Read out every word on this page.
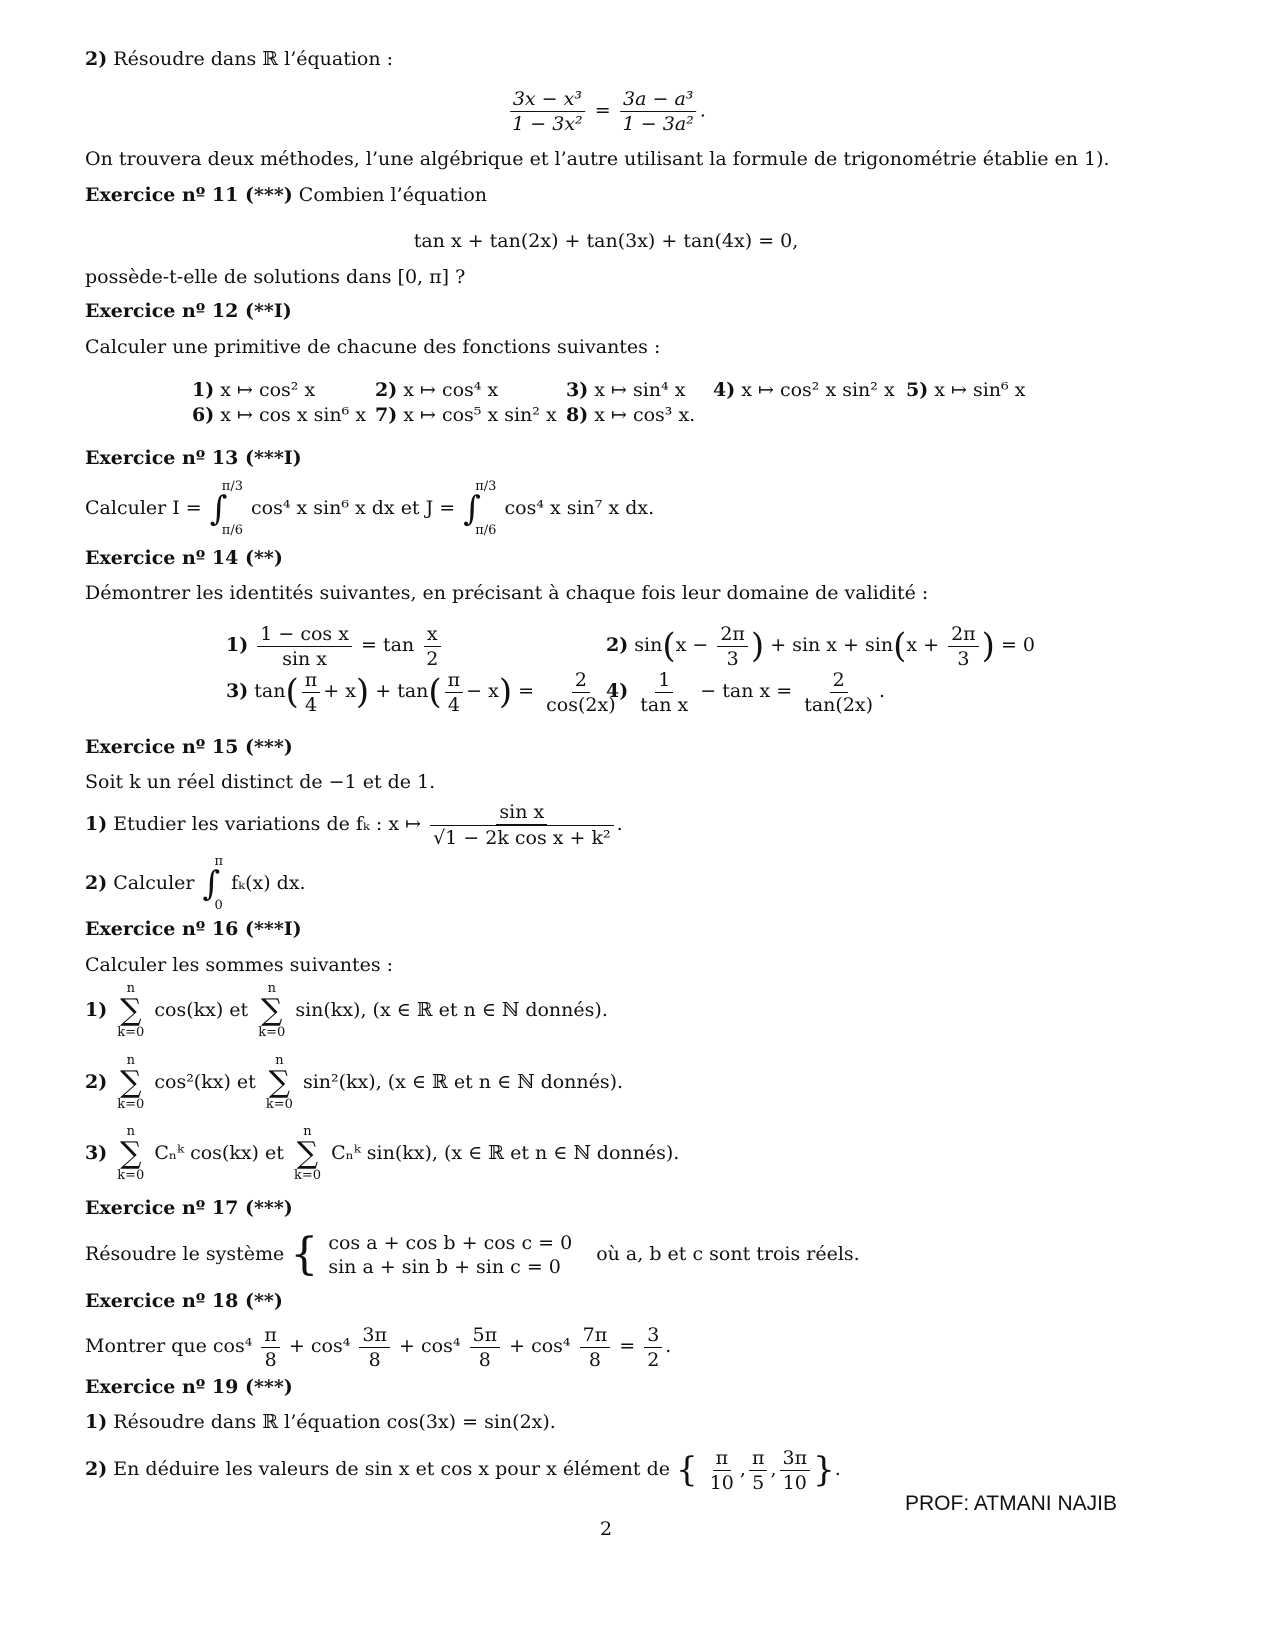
2) Résoudre dans ℝ l’équation :
$\frac{\text{3x − x³}}{\text{1 − 3x²}} = \frac{\text{3a − a³}}{\text{1 − 3a²}}$ .
On trouvera deux méthodes, l’une algébrique et l’autre utilisant la formule de trigonométrie établie en 1).
Exercice nº 11 (***) Combien l’équation
tan x + tan(2x) + tan(3x) + tan(4x) = 0,
possède-t-elle de solutions dans [0, π] ?
Exercice nº 12 (**I)
Calculer une primitive de chacune des fonctions suivantes :
1) x ↦ cos² x	2) x ↦ cos⁴ x	3) x ↦ sin⁴ x 4) x ↦ cos² x sin² x 5) x ↦ sin⁶ x
6) x ↦ cos x sin⁶ x 7) x ↦ cos⁵ x sin² x 8) x ↦ cos³ x.
Exercice nº 13 (***I)
Calculer I =
π/3
∫
π/6
cos⁴ x sin⁶ x dx et J =
π/3
∫
π/6
cos⁴ x sin⁷ x dx.
Exercice nº 14 (**)
Démontrer les identités suivantes, en précisant à chaque fois leur domaine de validité :
$1) \frac{\text{1 − cos x}}{\text{sin x}} = \tan \frac{x}{2}$	2) $\sin(x - \frac{2\pi}{3}$ ) + $\sin x + \sin(x + \frac{2\pi}{3}$ ) = 0
3) $\tan( \frac{\pi}{4} + x) + \tan( \frac{\pi}{4} - x) = \frac{2}{\cos(2x)}$
$4) \frac{1}{\text{tan x}} - \tan x = \frac{2}{\tan(2x)}$ .
Exercice nº 15 (***)
Soit k un réel distinct de −1 et de 1.
1) Etudier les variations de fₖ : x ↦ $\frac{\text{sin x}}{\text{√1 − 2k cos x + k²}}$ .
2) Calculer
π
∫
0
fₖ(x) dx.
Exercice nº 16 (***I)
Calculer les sommes suivantes :
1)
n
∑
k=0
cos(kx) et
n
∑
k=0
sin(kx), (x ∈ ℝ et n ∈ ℕ donnés).
2)
n
∑
k=0
cos²(kx) et
n
∑
k=0
sin²(kx), (x ∈ ℝ et n ∈ ℕ donnés).
3)
n
∑
k=0
Cₙᵏ cos(kx) et
n
∑
k=0
Cₙᵏ sin(kx), (x ∈ ℝ et n ∈ ℕ donnés).
Exercice nº 17 (***)
Résoudre le système { cos a + cos b + cos c = 0
sin a + sin b + sin c = 0
où a, b et c sont trois réels.
Exercice nº 18 (**)
Montrer que $\cos^4 \frac{\pi}{8} + \cos^4 \frac{3\pi}{8} + \cos^4 \frac{5\pi}{8} + \cos^4 \frac{7\pi}{8} = \frac{3}{2}$ .
Exercice nº 19 (***)
1) Résoudre dans ℝ l’équation cos(3x) = sin(2x).
2) En déduire les valeurs de sin x et cos x pour x élément de { $\frac{\pi}{10}$ , $\frac{\pi}{5}$ , $\frac{3\pi}{10}$ }.
PROF: ATMANI NAJIB
2
